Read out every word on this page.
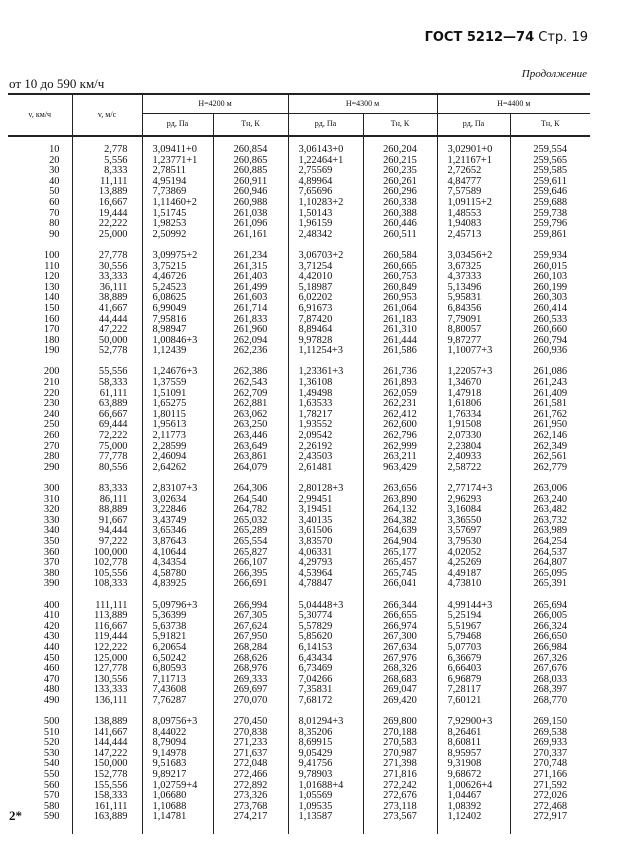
ГОСТ 5212—74 Стр. 19
Продолжение
от 10 до 590 км/ч
v, км/ч	v, м/с	H=4200 м		H=4300 м		H=4400 м	
		pд, Па	Tн, К	pд, Па	Tн, К	pд, Па	Tн, К

10	2,778	3,09411+0	260,854	3,06143+0	260,204	3,02901+0	259,554
20	5,556	1,23771+1	260,865	1,22464+1	260,215	1,21167+1	259,565
30	8,333	2,78511	260,885	2,75569	260,235	2,72652	259,585
40	11,111	4,95194	260,911	4,89964	260,261	4,84777	259,611
50	13,889	7,73869	260,946	7,65696	260,296	7,57589	259,646
60	16,667	1,11460+2	260,988	1,10283+2	260,338	1,09115+2	259,688
70	19,444	1,51745	261,038	1,50143	260,388	1,48553	259,738
80	22,222	1,98253	261,096	1,96159	260,446	1,94083	259,796
90	25,000	2,50992	261,161	2,48342	260,511	2,45713	259,861

100	27,778	3,09975+2	261,234	3,06703+2	260,584	3,03456+2	259,934
110	30,556	3,75215	261,315	3,71254	260,665	3,67325	260,015
120	33,333	4,46726	261,403	4,42010	260,753	4,37333	260,103
130	36,111	5,24523	261,499	5,18987	260,849	5,13496	260,199
140	38,889	6,08625	261,603	6,02202	260,953	5,95831	260,303
150	41,667	6,99049	261,714	6,91673	261,064	6,84356	260,414
160	44,444	7,95816	261,833	7,87420	261,183	7,79091	260,533
170	47,222	8,98947	261,960	8,89464	261,310	8,80057	260,660
180	50,000	1,00846+3	262,094	9,97828	261,444	9,87277	260,794
190	52,778	1,12439	262,236	1,11254+3	261,586	1,10077+3	260,936

200	55,556	1,24676+3	262,386	1,23361+3	261,736	1,22057+3	261,086
210	58,333	1,37559	262,543	1,36108	261,893	1,34670	261,243
220	61,111	1,51091	262,709	1,49498	262,059	1,47918	261,409
230	63,889	1,65275	262,881	1,63533	262,231	1,61806	261,581
240	66,667	1,80115	263,062	1,78217	262,412	1,76334	261,762
250	69,444	1,95613	263,250	1,93552	262,600	1,91508	261,950
260	72,222	2,11773	263,446	2,09542	262,796	2,07330	262,146
270	75,000	2,28599	263,649	2,26192	262,999	2,23804	262,349
280	77,778	2,46094	263,861	2,43503	263,211	2,40933	262,561
290	80,556	2,64262	264,079	2,61481	963,429	2,58722	262,779

300	83,333	2,83107+3	264,306	2,80128+3	263,656	2,77174+3	263,006
310	86,111	3,02634	264,540	2,99451	263,890	2,96293	263,240
320	88,889	3,22846	264,782	3,19451	264,132	3,16084	263,482
330	91,667	3,43749	265,032	3,40135	264,382	3,36550	263,732
340	94,444	3,65346	265,289	3,61506	264,639	3,57697	263,989
350	97,222	3,87643	265,554	3,83570	264,904	3,79530	264,254
360	100,000	4,10644	265,827	4,06331	265,177	4,02052	264,537
370	102,778	4,34354	266,107	4,29793	265,457	4,25269	264,807
380	105,556	4,58780	266,395	4,53964	265,745	4,49187	265,095
390	108,333	4,83925	266,691	4,78847	266,041	4,73810	265,391

400	111,111	5,09796+3	266,994	5,04448+3	266,344	4,99144+3	265,694
410	113,889	5,36399	267,305	5,30774	266,655	5,25194	266,005
420	116,667	5,63738	267,624	5,57829	266,974	5,51967	266,324
430	119,444	5,91821	267,950	5,85620	267,300	5,79468	266,650
440	122,222	6,20654	268,284	6,14153	267,634	5,07703	266,984
450	125,000	6,50242	268,626	6,43434	267,976	6,36679	267,326
460	127,778	6,80593	268,976	6,73469	268,326	6,66403	267,676
470	130,556	7,11713	269,333	7,04266	268,683	6,96879	268,033
480	133,333	7,43608	269,697	7,35831	269,047	7,28117	268,397
490	136,111	7,76287	270,070	7,68172	269,420	7,60121	268,770

500	138,889	8,09756+3	270,450	8,01294+3	269,800	7,92900+3	269,150
510	141,667	8,44022	270,838	8,35206	270,188	8,26461	269,538
520	144,444	8,79094	271,233	8,69915	270,583	8,60811	269,933
530	147,222	9,14978	271,637	9,05429	270,987	8,95957	270,337
540	150,000	9,51683	272,048	9,41756	271,398	9,31908	270,748
550	152,778	9,89217	272,466	9,78903	271,816	9,68672	271,166
560	155,556	1,02759+4	272,892	1,01688+4	272,242	1,00626+4	271,592
570	158,333	1,06680	273,326	1,05569	272,676	1,04467	272,026
580	161,111	1,10688	273,768	1,09535	273,118	1,08392	272,468
590	163,889	1,14781	274,217	1,13587	273,567	1,12402	272,917

2*
